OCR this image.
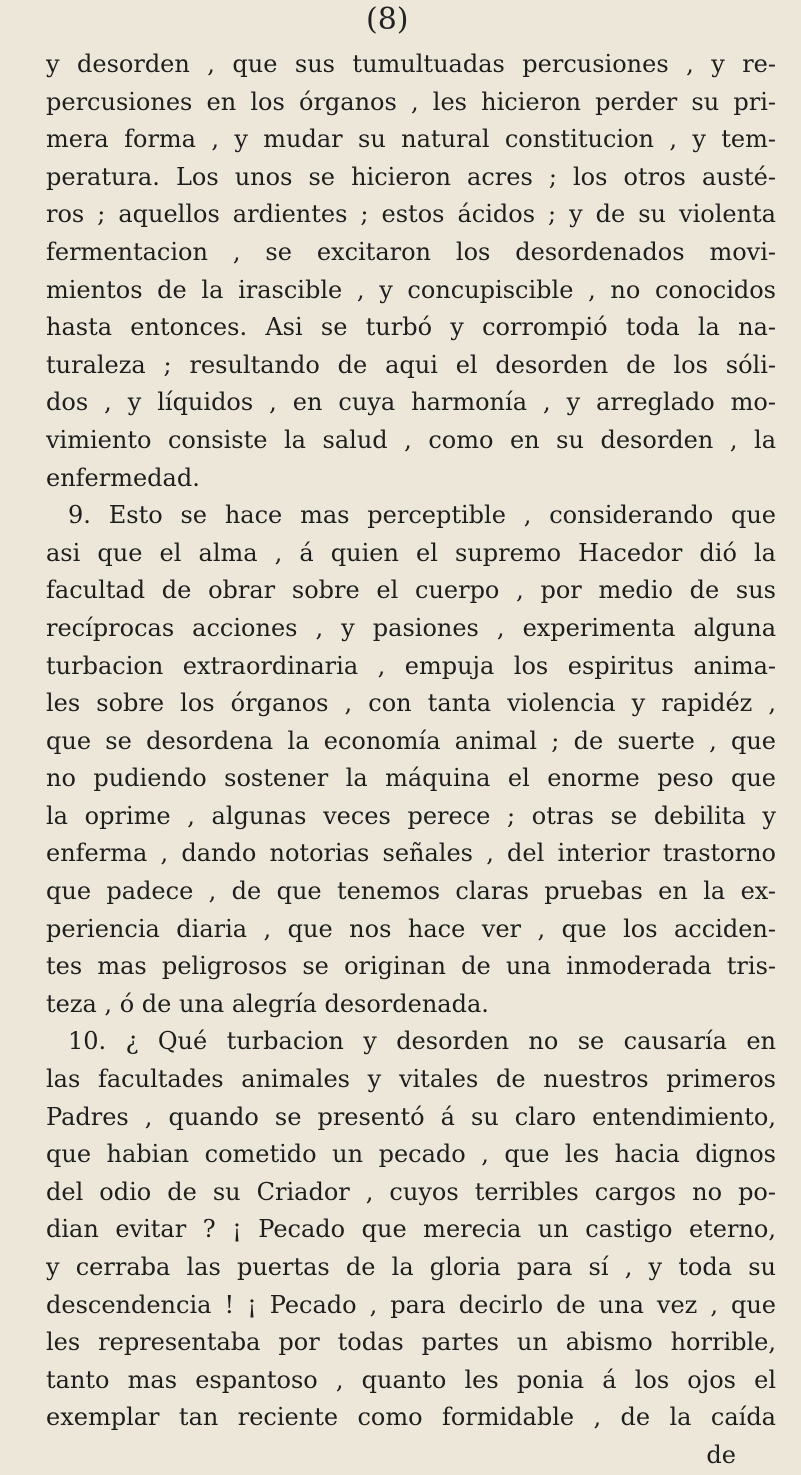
(8)
y desorden , que sus tumultuadas percusiones , y re-
percusiones en los órganos , les hicieron perder su pri-
mera forma , y mudar su natural constitucion , y tem-
peratura. Los unos se hicieron acres ; los otros austé-
ros ; aquellos ardientes ; estos ácidos ; y de su violenta
fermentacion , se excitaron los desordenados movi-
mientos de la irascible , y concupiscible , no conocidos
hasta entonces. Asi se turbó y corrompió toda la na-
turaleza ; resultando de aqui el desorden de los sóli-
dos , y líquidos , en cuya harmonía , y arreglado mo-
vimiento consiste la salud , como en su desorden , la
enfermedad.
9. Esto se hace mas perceptible , considerando que
asi que el alma , á quien el supremo Hacedor dió la
facultad de obrar sobre el cuerpo , por medio de sus
recíprocas acciones , y pasiones , experimenta alguna
turbacion extraordinaria , empuja los espiritus anima-
les sobre los órganos , con tanta violencia y rapidéz ,
que se desordena la economía animal ; de suerte , que
no pudiendo sostener la máquina el enorme peso que
la oprime , algunas veces perece ; otras se debilita y
enferma , dando notorias señales , del interior trastorno
que padece , de que tenemos claras pruebas en la ex-
periencia diaria , que nos hace ver , que los acciden-
tes mas peligrosos se originan de una inmoderada tris-
teza , ó de una alegría desordenada.
10. ¿ Qué turbacion y desorden no se causaría en
las facultades animales y vitales de nuestros primeros
Padres , quando se presentó á su claro entendimiento,
que habian cometido un pecado , que les hacia dignos
del odio de su Criador , cuyos terribles cargos no po-
dian evitar ? ¡ Pecado que merecia un castigo eterno,
y cerraba las puertas de la gloria para sí , y toda su
descendencia ! ¡ Pecado , para decirlo de una vez , que
les representaba por todas partes un abismo horrible,
tanto mas espantoso , quanto les ponia á los ojos el
exemplar tan reciente como formidable , de la caída
de
